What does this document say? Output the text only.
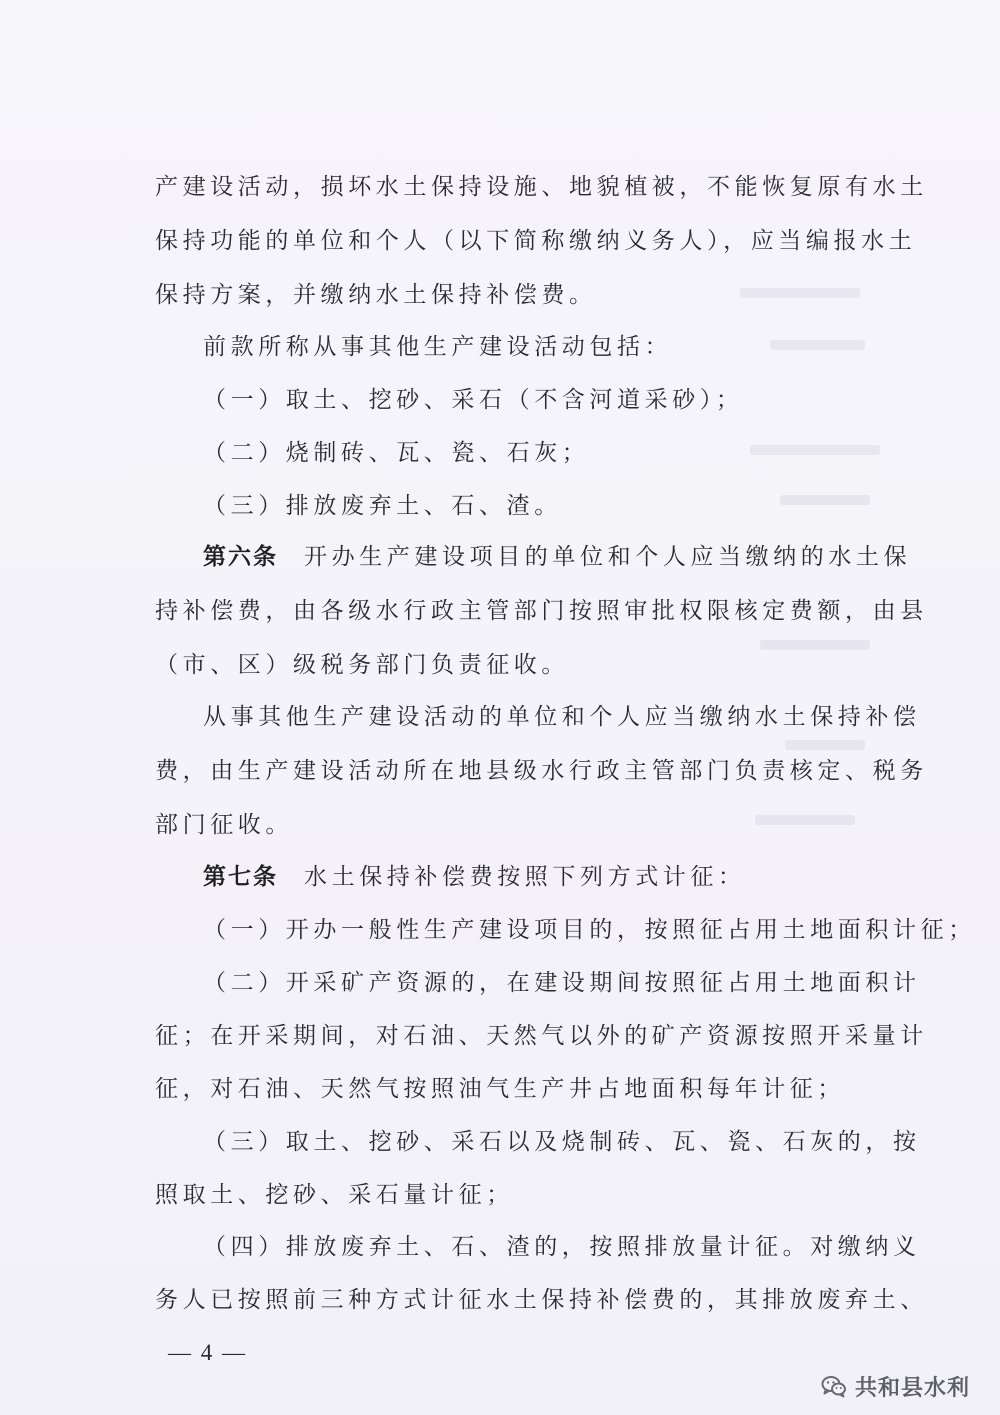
产建设活动，损坏水土保持设施、地貌植被，不能恢复原有水土
保持功能的单位和个人（以下简称缴纳义务人），应当编报水土
保持方案，并缴纳水土保持补偿费。
前款所称从事其他生产建设活动包括：
（一）取土、挖砂、采石（不含河道采砂）；
（二）烧制砖、瓦、瓷、石灰；
（三）排放废弃土、石、渣。
第六条 开办生产建设项目的单位和个人应当缴纳的水土保
持补偿费，由各级水行政主管部门按照审批权限核定费额，由县
（市、区）级税务部门负责征收。
从事其他生产建设活动的单位和个人应当缴纳水土保持补偿
费，由生产建设活动所在地县级水行政主管部门负责核定、税务
部门征收。
第七条 水土保持补偿费按照下列方式计征：
（一）开办一般性生产建设项目的，按照征占用土地面积计征；
（二）开采矿产资源的，在建设期间按照征占用土地面积计
征；在开采期间，对石油、天然气以外的矿产资源按照开采量计
征，对石油、天然气按照油气生产井占地面积每年计征；
（三）取土、挖砂、采石以及烧制砖、瓦、瓷、石灰的，按
照取土、挖砂、采石量计征；
（四）排放废弃土、石、渣的，按照排放量计征。对缴纳义
务人已按照前三种方式计征水土保持补偿费的，其排放废弃土、
— 4 —
共和县水利
